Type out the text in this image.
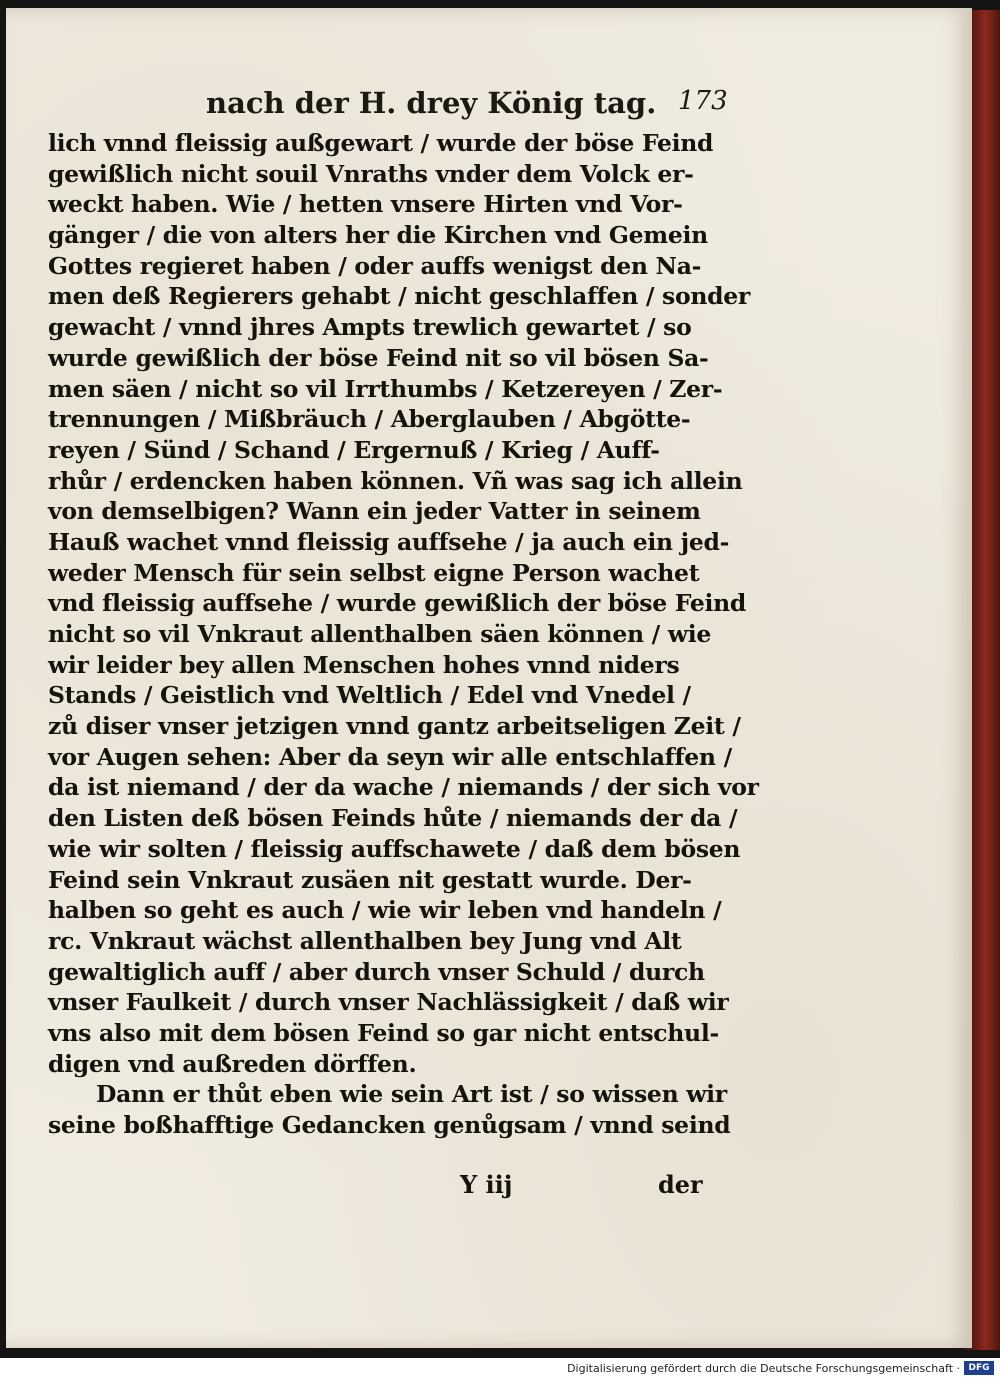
nach der H. drey König tag. 173
lich vnnd fleissig außgewart / wurde der böse Feind
gewißlich nicht souil Vnraths vnder dem Volck er-
weckt haben. Wie / hetten vnsere Hirten vnd Vor-
gänger / die von alters her die Kirchen vnd Gemein
Gottes regieret haben / oder auffs wenigst den Na-
men deß Regierers gehabt / nicht geschlaffen / sonder
gewacht / vnnd jhres Ampts trewlich gewartet / so
wurde gewißlich der böse Feind nit so vil bösen Sa-
men säen / nicht so vil Irrthumbs / Ketzereyen / Zer-
trennungen / Mißbräuch / Aberglauben / Abgötte-
reyen / Sünd / Schand / Ergernuß / Krieg / Auff-
rhůr / erdencken haben können. Vñ was sag ich allein
von demselbigen? Wann ein jeder Vatter in seinem
Hauß wachet vnnd fleissig auffsehe / ja auch ein jed-
weder Mensch für sein selbst eigne Person wachet
vnd fleissig auffsehe / wurde gewißlich der böse Feind
nicht so vil Vnkraut allenthalben säen können / wie
wir leider bey allen Menschen hohes vnnd niders
Stands / Geistlich vnd Weltlich / Edel vnd Vnedel /
zů diser vnser jetzigen vnnd gantz arbeitseligen Zeit /
vor Augen sehen: Aber da seyn wir alle entschlaffen /
da ist niemand / der da wache / niemands / der sich vor
den Listen deß bösen Feinds hůte / niemands der da /
wie wir solten / fleissig auffschawete / daß dem bösen
Feind sein Vnkraut zusäen nit gestatt wurde. Der-
halben so geht es auch / wie wir leben vnd handeln /
rc. Vnkraut wächst allenthalben bey Jung vnd Alt
gewaltiglich auff / aber durch vnser Schuld / durch
vnser Faulkeit / durch vnser Nachlässigkeit / daß wir
vns also mit dem bösen Feind so gar nicht entschul-
digen vnd außreden dörffen.
Dann er thůt eben wie sein Art ist / so wissen wir
seine boßhafftige Gedancken genůgsam / vnnd seind
Y iij	der
Digitalisierung gefördert durch die Deutsche Forschungsgemeinschaft · DFG
